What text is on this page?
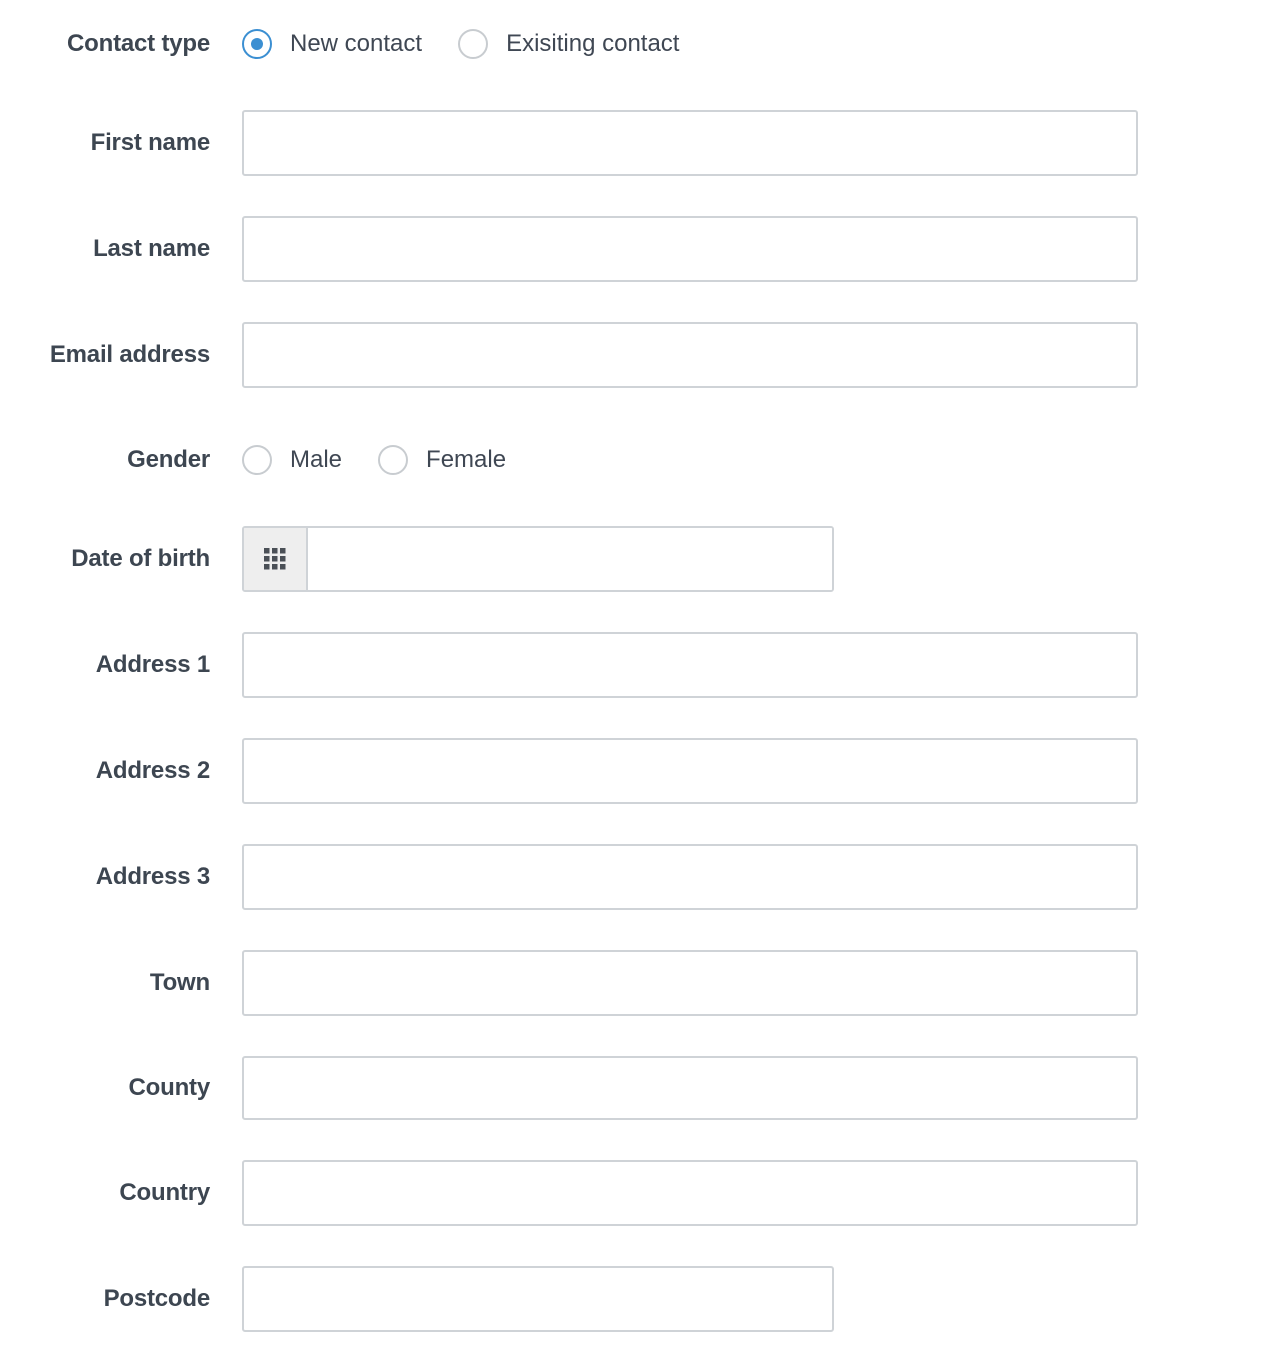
Contact type	New contact	Exisiting contact
First name
Last name
Email address
Gender	Male	Female
Date of birth
Address 1
Address 2
Address 3
Town
County
Country
Postcode
